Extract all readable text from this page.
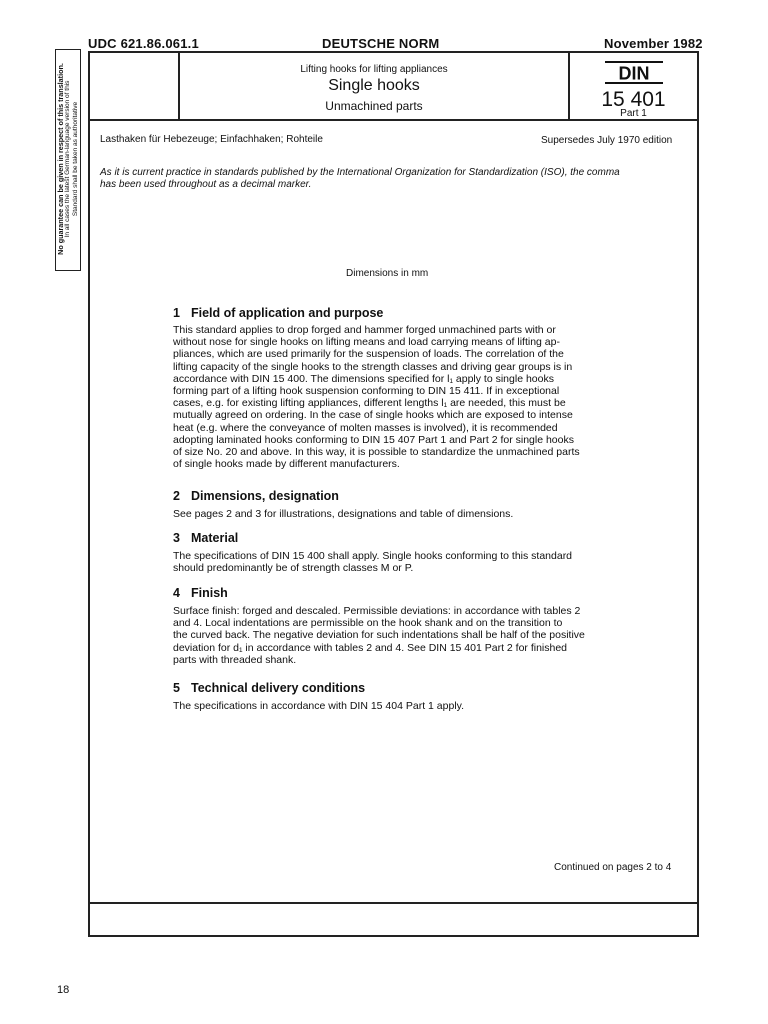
UDC 621.86.061.1	DEUTSCHE NORM	November 1982
No guarantee can be given in respect of this translation. In all cases the latest German-language version of this Standard shall be taken as authoritative
Lifting hooks for lifting appliances
Single hooks
Unmachined parts
DIN
15 401
Part 1
Lasthaken für Hebezeuge; Einfachhaken; Rohteile	Supersedes July 1970 edition
As it is current practice in standards published by the International Organization for Standardization (ISO), the comma
has been used throughout as a decimal marker.
Dimensions in mm
1 Field of application and purpose
This standard applies to drop forged and hammer forged unmachined parts with or
without nose for single hooks on lifting means and load carrying means of lifting ap-
pliances, which are used primarily for the suspension of loads. The correlation of the
lifting capacity of the single hooks to the strength classes and driving gear groups is in
accordance with DIN 15 400. The dimensions specified for l₁ apply to single hooks
forming part of a lifting hook suspension conforming to DIN 15 411. If in exceptional
cases, e.g. for existing lifting appliances, different lengths l₁ are needed, this must be
mutually agreed on ordering. In the case of single hooks which are exposed to intense
heat (e.g. where the conveyance of molten masses is involved), it is recommended
adopting laminated hooks conforming to DIN 15 407 Part 1 and Part 2 for single hooks
of size No. 20 and above. In this way, it is possible to standardize the unmachined parts
of single hooks made by different manufacturers.
2 Dimensions, designation
See pages 2 and 3 for illustrations, designations and table of dimensions.
3 Material
The specifications of DIN 15 400 shall apply. Single hooks conforming to this standard
should predominantly be of strength classes M or P.
4 Finish
Surface finish: forged and descaled. Permissible deviations: in accordance with tables 2
and 4. Local indentations are permissible on the hook shank and on the transition to
the curved back. The negative deviation for such indentations shall be half of the positive
deviation for d₁ in accordance with tables 2 and 4. See DIN 15 401 Part 2 for finished
parts with threaded shank.
5 Technical delivery conditions
The specifications in accordance with DIN 15 404 Part 1 apply.
Continued on pages 2 to 4
18
